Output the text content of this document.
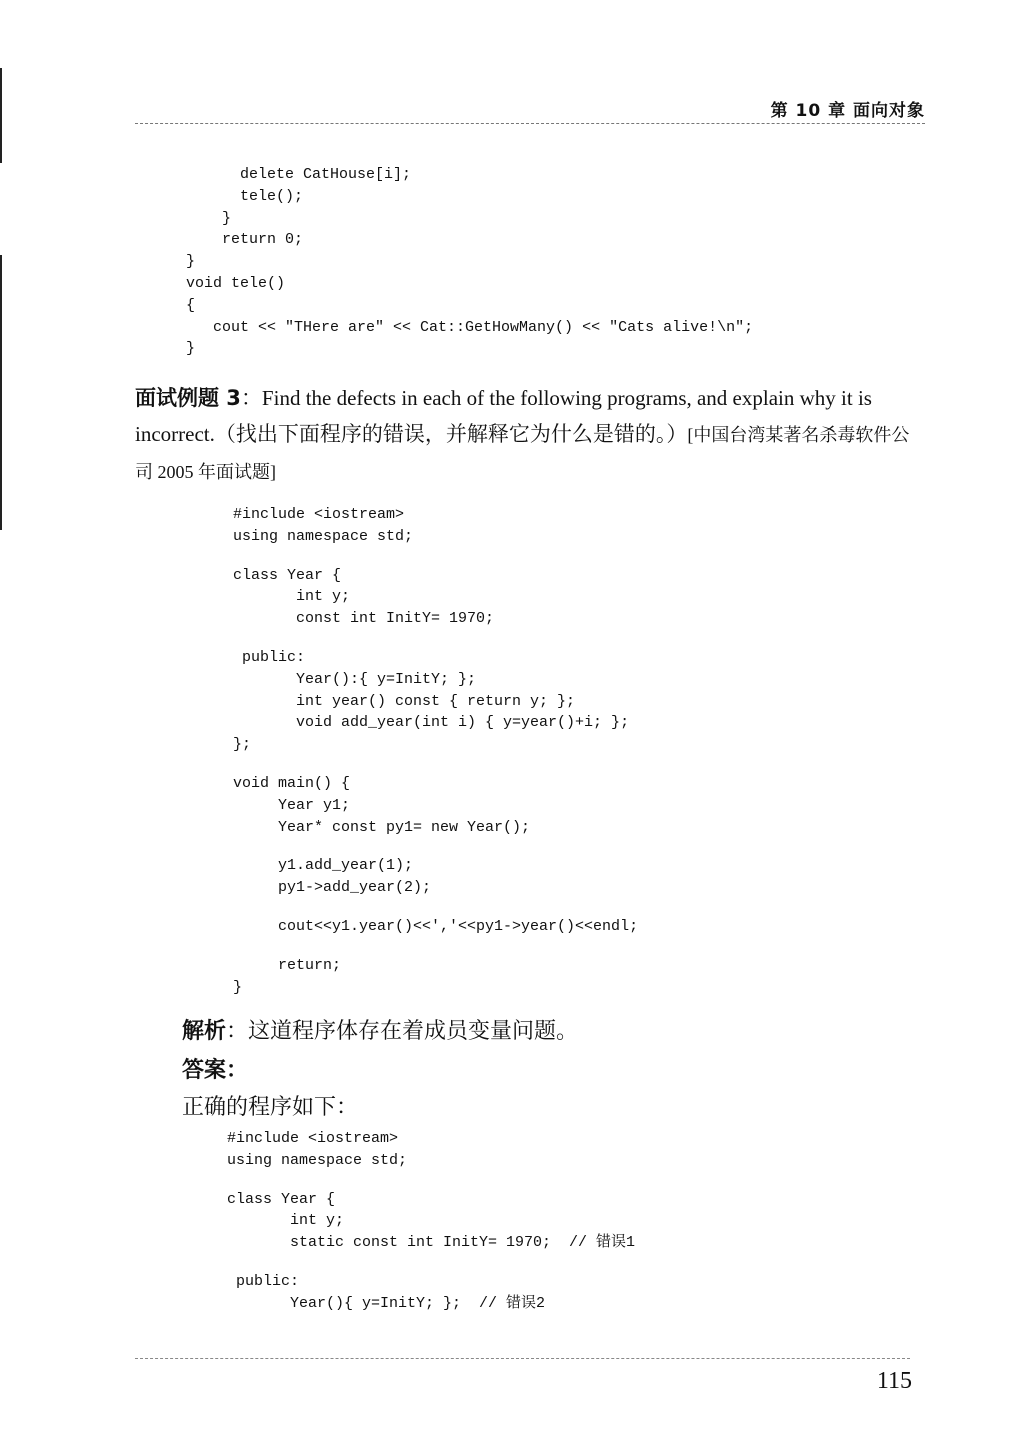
第 10 章 面向对象
delete CatHouse[i];
tele();
}
return 0;
}
void tele()
{
cout << "THere are" << Cat::GetHowMany() << "Cats alive!\n";
}

面试例题 3：Find the defects in each of the following programs, and explain why it is incorrect.（找出下面程序的错误，并解释它为什么是错的。）[中国台湾某著名杀毒软件公司 2005 年面试题]

#include <iostream>
using namespace std;
class Year {
int y;
const int InitY= 1970;
public:
Year():{ y=InitY; };
int year() const { return y; };
void add_year(int i) { y=year()+i; };
};
void main() {
Year y1;
Year* const py1= new Year();
y1.add_year(1);
py1->add_year(2);
cout<<y1.year()<<','<<py1->year()<<endl;
return;
}

解析：这道程序体存在着成员变量问题。

答案：

正确的程序如下：

#include <iostream>
using namespace std;
class Year {
int y;
static const int InitY= 1970;  // 错误1
public:
Year(){ y=InitY; };  // 错误2
115
